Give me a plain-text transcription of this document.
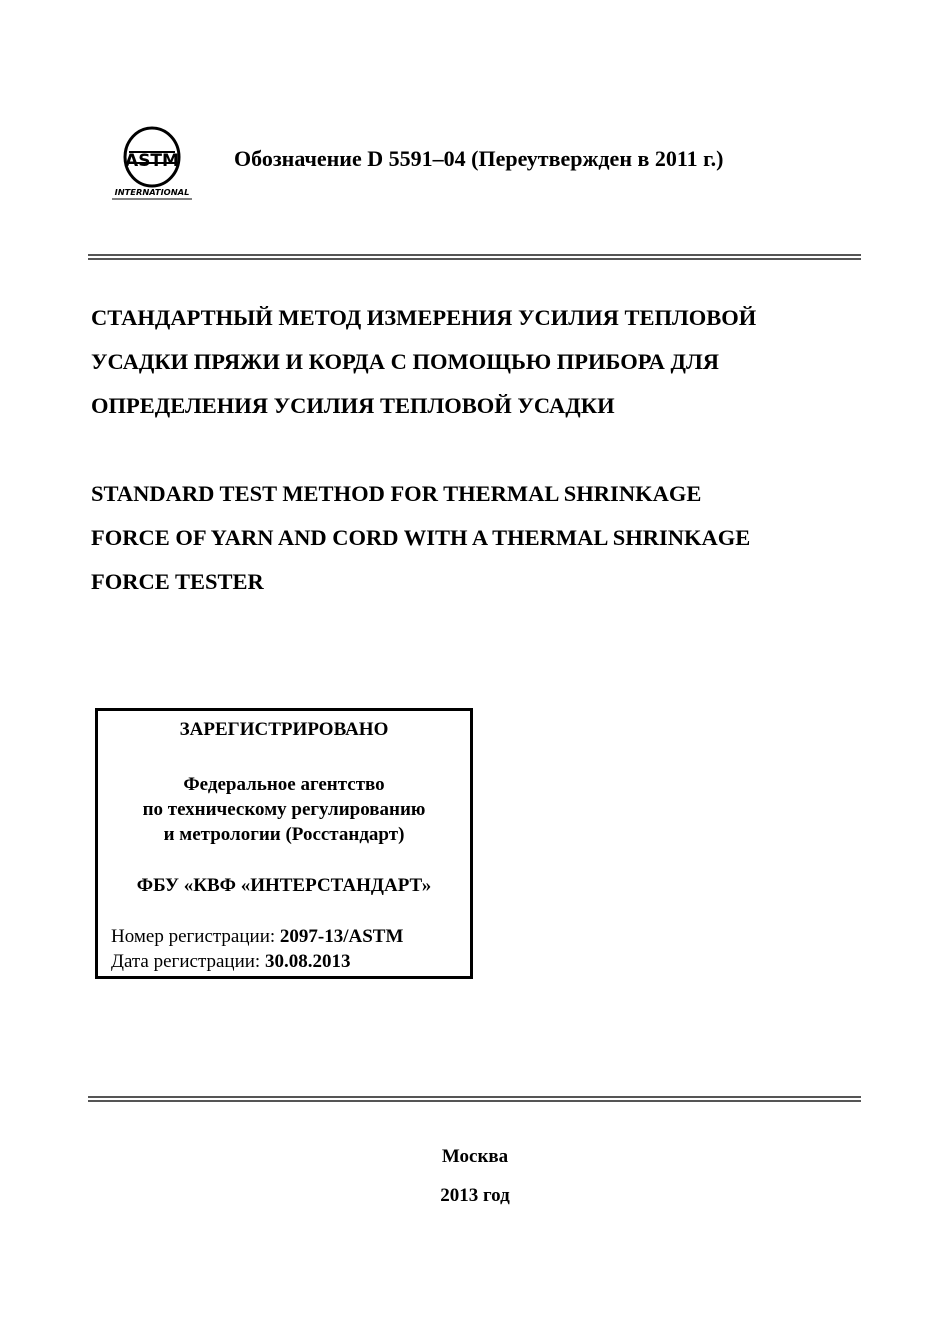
ASTM
INTERNATIONAL
Обозначение D 5591–04 (Переутвержден в 2011 г.)
СТАНДАРТНЫЙ МЕТОД ИЗМЕРЕНИЯ УСИЛИЯ ТЕПЛОВОЙ
УСАДКИ ПРЯЖИ И КОРДА С ПОМОЩЬЮ ПРИБОРА ДЛЯ
ОПРЕДЕЛЕНИЯ УСИЛИЯ ТЕПЛОВОЙ УСАДКИ
STANDARD TEST METHOD FOR THERMAL SHRINKAGE
FORCE OF YARN AND CORD WITH A THERMAL SHRINKAGE
FORCE TESTER
ЗАРЕГИСТРИРОВАНО
Федеральное агентство
по техническому регулированию
и метрологии (Росстандарт)
ФБУ «КВФ «ИНТЕРСТАНДАРТ»
Номер регистрации: 2097-13/ASTM
Дата регистрации: 30.08.2013
Москва
2013 год
